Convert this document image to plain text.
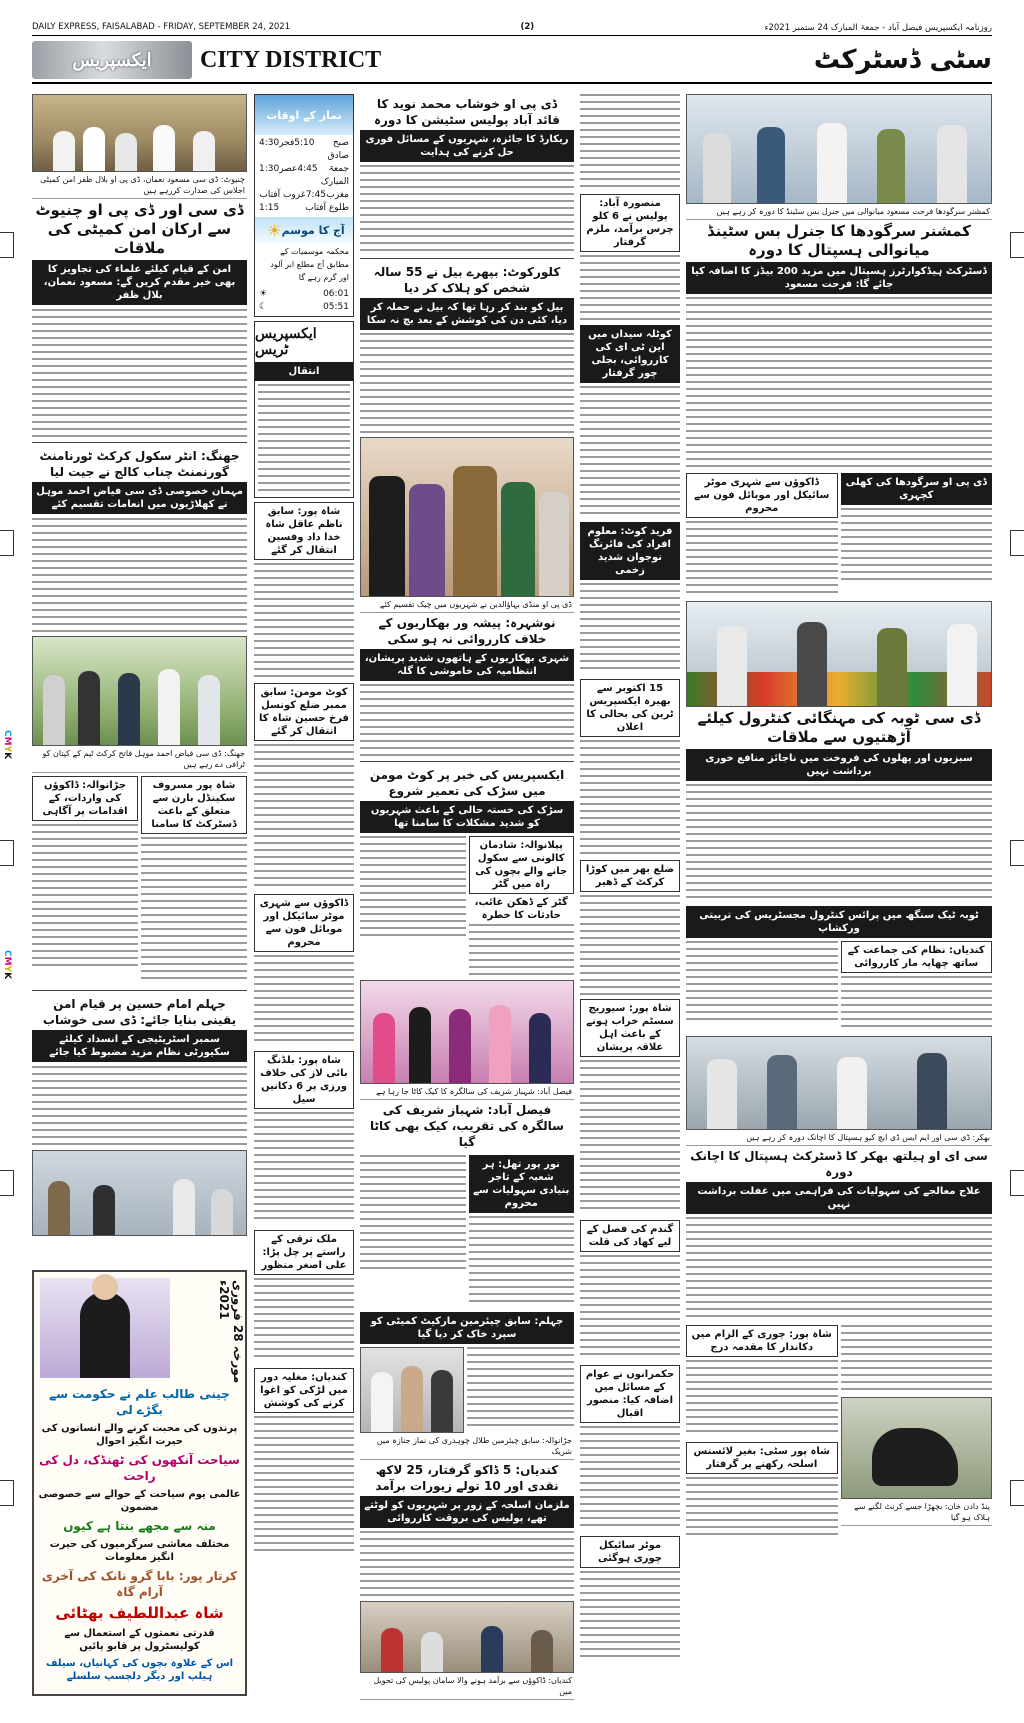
CMYK
CMYK
DAILY EXPRESS, FAISALABAD - FRIDAY, SEPTEMBER 24, 2021	(2)	روزنامہ ایکسپریس فیصل آباد - جمعۃ المبارک 24 ستمبر 2021ء
ایکسپریس	CITY DISTRICT	سٹی ڈسٹرکٹ
چنیوٹ: ڈی سی مسعود نعمان، ڈی پی او بلال ظفر امن کمیٹی اجلاس کی صدارت کررہے ہیں
ڈی سی اور ڈی پی او چنیوٹ سے ارکان امن کمیٹی کی ملاقات
امن کے قیام کیلئے علماء کی تجاویز کا بھی خیر مقدم کریں گے: مسعود نعمان، بلال ظفر
جھنگ: انٹر سکول کرکٹ ٹورنامنٹ گورنمنٹ چناب کالج نے جیت لیا
مہمان خصوصی ڈی سی فیاض احمد موہل نے کھلاڑیوں میں انعامات تقسیم کئے
جھنگ: ڈی سی فیاض احمد موہل فاتح کرکٹ ٹیم کے کپتان کو ٹرافی دے رہے ہیں
جڑانوالہ: ڈاکوؤں کی واردات، کے اقدامات پر آگاہی
شاہ پور مسروف سکینڈل بارن سے متعلق کے باعث ڈسٹرکٹ کا سامنا
جہلم امام حسین پر قیام امن یقینی بنایا جائے: ڈی سی خوشاب
سمبر اسٹریٹیجی کے انسداد کیلئے سکیورٹی نظام مزید مضبوط کیا جائے
مورخہ 28 فروری 2021ء
چینی طالب علم نے حکومت سے بگڑے لی
پرندوں کی محبت کرنے والے انسانوں کی حیرت انگیز احوال
سیاحت آنکھوں کی ٹھنڈک، دل کی راحت
عالمی یوم سیاحت کے حوالے سے خصوصی مضمون
منہ سے مجھے بنتا ہے کیوں
مختلف معاشی سرگرمیوں کی حیرت انگیز معلومات
کرتار پور: بابا گرو نانک کی آخری آرام گاہ
شاہ عبداللطیف بھٹائی
قدرتی نعمتوں کے استعمال سے کولیسٹرول پر قابو پائیں
اس کے علاوہ بچوں کی کہانیاں، سیلف ہیلپ اور دیگر دلچسپ سلسلے
نماز کے اوقات
صبح صادق
5:10
فجر
4:30
جمعۃ المبارک
4:45
عصر
1:30
مغرب
7:45
غروب آفتاب
طلوع آفتاب
1:15
☀ آج کا موسم
محکمہ موسمیات کے مطابق آج مطلع ابر آلود اور گرم رہے گا
06:01
☀
05:51
☾
ایکسپریس ٹریس
انتقال
شاہ پور: سابق ناظم عاقل شاہ خدا داد وفسین انتقال کر گئے
کوٹ مومن: سابق ممبر ضلع کونسل فرخ حسین شاہ کا انتقال کر گئے
ڈاکوؤں سے شہری موٹر سائیکل اور موبائل فون سے محروم
شاہ پور: بلڈنگ بائی لاز کی خلاف ورزی پر 6 دکانیں سیل
ملک ترقی کے راستے پر چل پڑا: علی اصغر منظور
کندیاں: مغلیہ دور میں لڑکی کو اغوا کرنے کی کوشش
ڈی پی او خوشاب محمد نوید کا قائد آباد پولیس سٹیشن کا دورہ
ریکارڈ کا جائزہ، شہریوں کے مسائل فوری حل کرنے کی ہدایت
کلورکوٹ: بپھرے بیل نے 55 سالہ شخص کو ہلاک کر دیا
بیل کو بند کر رہا تھا کہ بیل نے حملہ کر دیا، کئی دن کی کوشش کے بعد بچ نہ سکا
ڈی پی او منڈی بہاؤالدین نے شہریوں میں چیک تقسیم کئے
نوشہرہ: پیشہ ور بھکاریوں کے خلاف کارروائی نہ ہو سکی
شہری بھکاریوں کے ہاتھوں شدید پریشان، انتظامیہ کی خاموشی کا گلہ
ایکسپریس کی خبر پر کوٹ مومن میں سڑک کی تعمیر شروع
سڑک کی خستہ حالی کے باعث شہریوں کو شدید مشکلات کا سامنا تھا
پپلانوالہ: شادمان کالونی سے سکول جانے والے بچوں کی راہ میں گٹر
گٹر کے ڈھکن غائب، حادثات کا خطرہ
فیصل آباد: شہباز شریف کی سالگرہ کا کیک کاٹا جا رہا ہے
فیصل آباد: شہباز شریف کی سالگرہ کی تقریب، کیک بھی کاٹا گیا
نور پور تھل: ہر شعبہ کے تاجر بنیادی سہولیات سے محروم
جہلم: سابق چیئرمین مارکیٹ کمیٹی کو سپرد خاک کر دیا گیا
جڑانوالہ: سابق چیئرمین طلال چوہدری کی نماز جنازہ میں شریک
کندیاں: 5 ڈاکو گرفتار، 25 لاکھ نقدی اور 10 تولے زیورات برآمد
ملزمان اسلحہ کے زور پر شہریوں کو لوٹتے تھے، پولیس کی بروقت کارروائی
کندیاں: ڈاکوؤں سے برآمد ہونے والا سامان پولیس کی تحویل میں
منصورہ آباد: پولیس نے 6 کلو چرس برآمد، ملزم گرفتار
کوٹلہ سیداں میں این ٹی ای کی کارروائی، بجلی چور گرفتار
فرید کوٹ: معلوم افراد کی فائرنگ نوجوان شدید زخمی
15 اکتوبر سے بھیرہ ایکسپریس ٹرین کی بحالی کا اعلان
ضلع بھر میں کوڑا کرکٹ کے ڈھیر
شاہ پور: سیوریج سسٹم خراب ہونے کے باعث اہل علاقہ پریشان
گندم کی فصل کے لیے کھاد کی قلت
حکمرانوں نے عوام کے مسائل میں اضافہ کیا: منصور اقبال
موٹر سائیکل چوری ہوگئی
کمشنر سرگودھا فرحت مسعود میانوالی میں جنرل بس سٹینڈ کا دورہ کر رہے ہیں
کمشنر سرگودھا کا جنرل بس سٹینڈ میانوالی ہسپتال کا دورہ
ڈسٹرکٹ ہیڈکوارٹرز ہسپتال میں مزید 200 بیڈز کا اضافہ کیا جائے گا: فرحت مسعود
ڈاکوؤں سے شہری موٹر سائیکل اور موبائل فون سے محروم
ڈی پی او سرگودھا کی کھلی کچہری
ڈی سی ٹوبہ کی مہنگائی کنٹرول کیلئے آڑھتیوں سے ملاقات
سبزیوں اور پھلوں کی فروخت میں ناجائز منافع خوری برداشت نہیں
ٹوبہ ٹیک سنگھ میں پرائس کنٹرول مجسٹریس کی تربیتی ورکشاپ
کندیاں: نظام کی جماعت کے ساتھ چھاپہ مار کارروائی
بھکر: ڈی سی اور ایم ایس ڈی ایچ کیو ہسپتال کا اچانک دورہ کر رہے ہیں
سی ای او ہیلتھ بھکر کا ڈسٹرکٹ ہسپتال کا اچانک دورہ
علاج معالجے کی سہولیات کی فراہمی میں غفلت برداشت نہیں
شاہ پور: چوری کے الزام میں دکاندار کا مقدمہ درج
شاہ پور سٹی: بغیر لائسنس اسلحہ رکھنے پر گرفتار
پنڈ دادن خان: بچھڑا جسے کرنٹ لگنے سے ہلاک ہو گیا
